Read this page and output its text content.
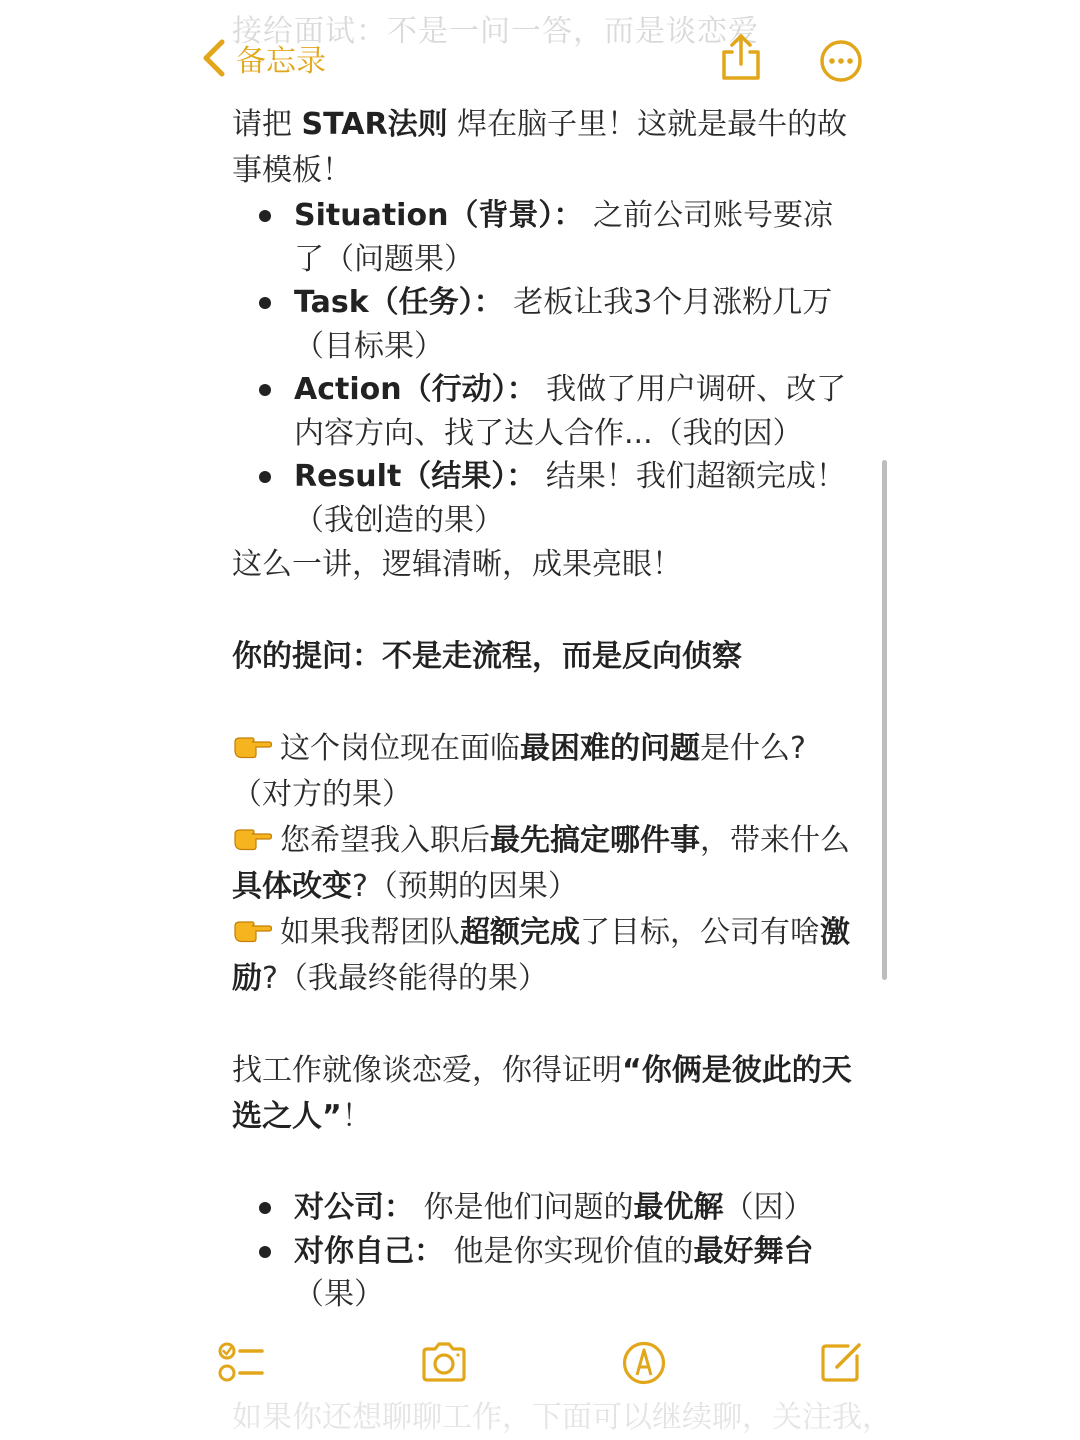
接给面试：不是一问一答，而是谈恋爱
备忘录

请把 STAR法则 焊在脑子里！这就是最牛的故事模板！

Situation（背景）： 之前公司账号要凉了（问题果）
Task（任务）： 老板让我3个月涨粉几万（目标果）
Action（行动）： 我做了用户调研、改了内容方向、找了达人合作...（我的因）
Result（结果）： 结果！我们超额完成！（我创造的果）

这么一讲，逻辑清晰，成果亮眼！

你的提问：不是走流程，而是反向侦察

这个岗位现在面临最困难的问题是什么?（对方的果）

您希望我入职后最先搞定哪件事，带来什么具体改变?（预期的因果）

如果我帮团队超额完成了目标，公司有啥激励?（我最终能得的果）

找工作就像谈恋爱，你得证明“你俩是彼此的天选之人”！

对公司： 你是他们问题的最优解（因）
对你自己： 他是你实现价值的最好舞台（果）
如果你还想聊聊工作，下面可以继续聊，关注我，
